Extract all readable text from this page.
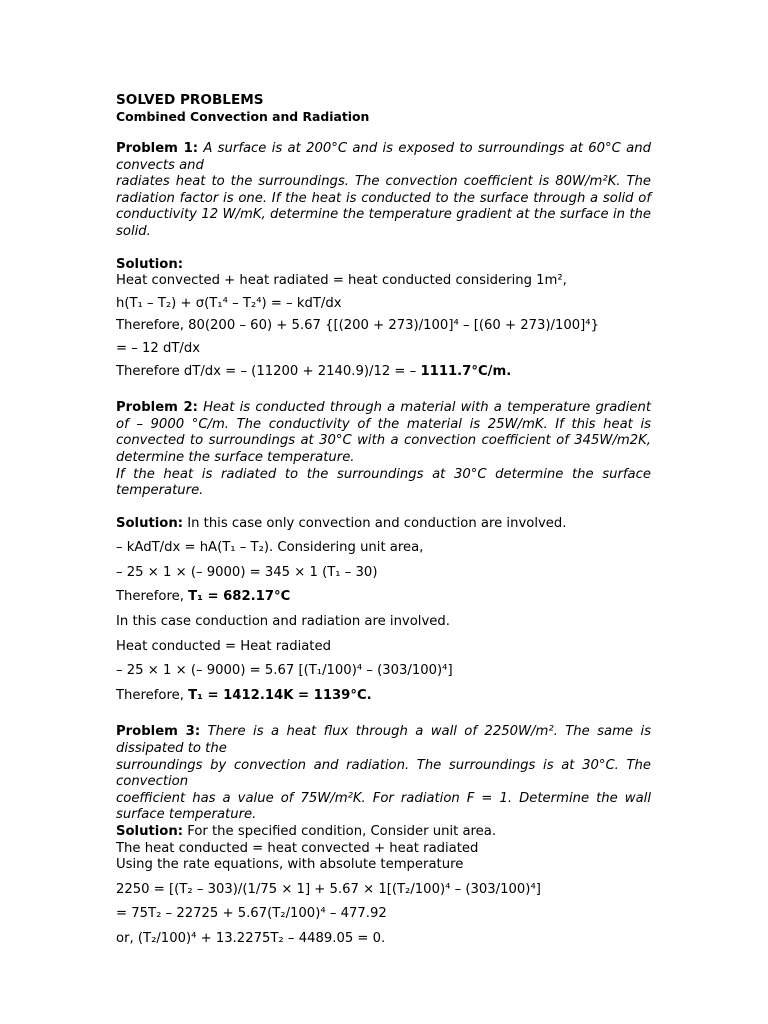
SOLVED PROBLEMS
Combined Convection and Radiation

Problem 1: A surface is at 200°C and is exposed to surroundings at 60°C and convects and

radiates heat to the surroundings. The convection coefficient is 80W/m²K. The radiation factor is one. If the heat is conducted to the surface through a solid of conductivity 12 W/mK, determine the temperature gradient at the surface in the solid.

Solution:
Heat convected + heat radiated = heat conducted considering 1m²,
h(T₁ – T₂) + σ(T₁⁴ – T₂⁴) = – kdT/dx
Therefore, 80(200 – 60) + 5.67 {[(200 + 273)/100]⁴ – [(60 + 273)/100]⁴}
= – 12 dT/dx
Therefore dT/dx = – (11200 + 2140.9)/12 = – 1111.7°C/m.

Problem 2: Heat is conducted through a material with a temperature gradient of – 9000 °C/m. The conductivity of the material is 25W/mK. If this heat is convected to surroundings at 30°C with a convection coefficient of 345W/m2K, determine the surface temperature.

If the heat is radiated to the surroundings at 30°C determine the surface temperature.

Solution: In this case only convection and conduction are involved.
– kAdT/dx = hA(T₁ – T₂). Considering unit area,
– 25 × 1 × (– 9000) = 345 × 1 (T₁ – 30)
Therefore, T₁ = 682.17°C
In this case conduction and radiation are involved.
Heat conducted = Heat radiated
– 25 × 1 × (– 9000) = 5.67 [(T₁/100)⁴ – (303/100)⁴]
Therefore, T₁ = 1412.14K = 1139°C.

Problem 3: There is a heat flux through a wall of 2250W/m². The same is dissipated to the

surroundings by convection and radiation. The surroundings is at 30°C. The convection

coefficient has a value of 75W/m²K. For radiation F = 1. Determine the wall surface temperature.

Solution: For the specified condition, Consider unit area.
The heat conducted = heat convected + heat radiated
Using the rate equations, with absolute temperature
2250 = [(T₂ – 303)/(1/75 × 1] + 5.67 × 1[(T₂/100)⁴ – (303/100)⁴]
= 75T₂ – 22725 + 5.67(T₂/100)⁴ – 477.92
or, (T₂/100)⁴ + 13.2275T₂ – 4489.05 = 0.
